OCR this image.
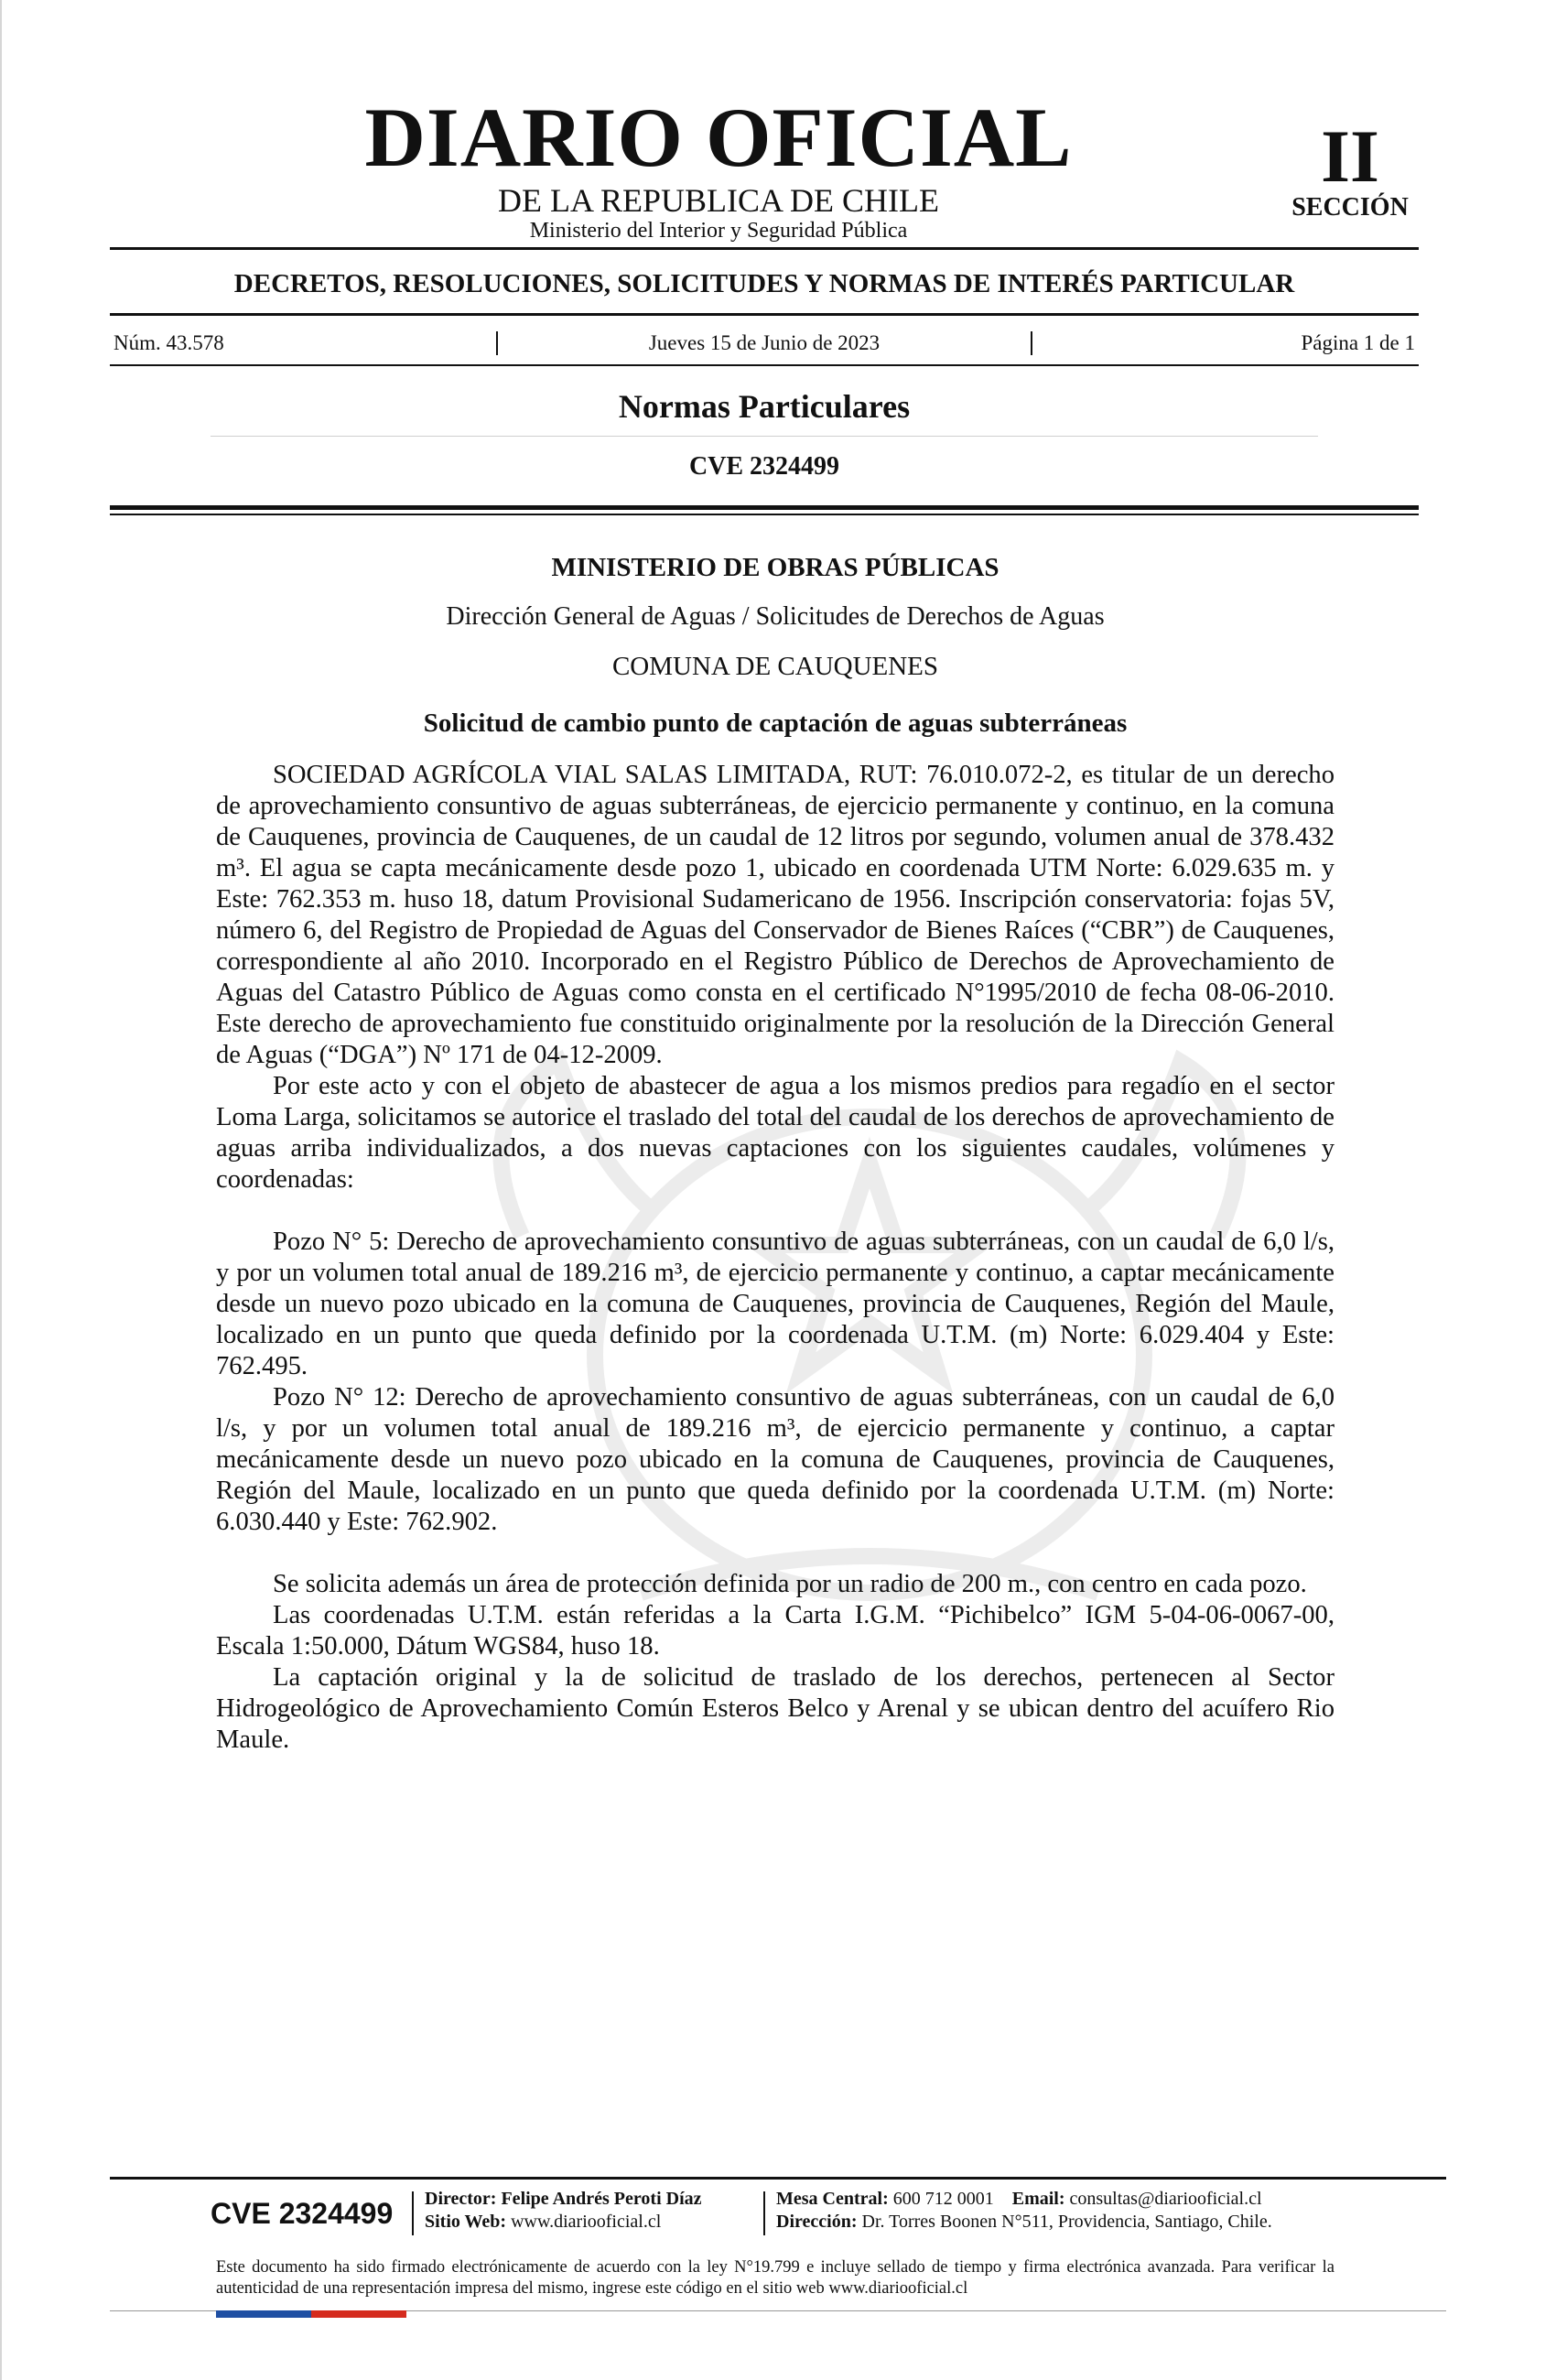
DIARIO OFICIAL
DE LA REPUBLICA DE CHILE
Ministerio del Interior y Seguridad Pública
II
SECCIÓN
DECRETOS, RESOLUCIONES, SOLICITUDES Y NORMAS DE INTERÉS PARTICULAR
Núm. 43.578	Jueves 15 de Junio de 2023	Página 1 de 1
Normas Particulares
CVE 2324499
MINISTERIO DE OBRAS PÚBLICAS
Dirección General de Aguas / Solicitudes de Derechos de Aguas
COMUNA DE CAUQUENES
Solicitud de cambio punto de captación de aguas subterráneas

SOCIEDAD AGRÍCOLA VIAL SALAS LIMITADA, RUT: 76.010.072-2, es titular de un derecho de aprovechamiento consuntivo de aguas subterráneas, de ejercicio permanente y continuo, en la comuna de Cauquenes, provincia de Cauquenes, de un caudal de 12 litros por segundo, volumen anual de 378.432 m³. El agua se capta mecánicamente desde pozo 1, ubicado en coordenada UTM Norte: 6.029.635 m. y Este: 762.353 m. huso 18, datum Provisional Sudamericano de 1956. Inscripción conservatoria: fojas 5V, número 6, del Registro de Propiedad de Aguas del Conservador de Bienes Raíces (“CBR”) de Cauquenes, correspondiente al año 2010. Incorporado en el Registro Público de Derechos de Aprovechamiento de Aguas del Catastro Público de Aguas como consta en el certificado N°1995/2010 de fecha 08-06-2010. Este derecho de aprovechamiento fue constituido originalmente por la resolución de la Dirección General de Aguas (“DGA”) Nº 171 de 04-12-2009.

Por este acto y con el objeto de abastecer de agua a los mismos predios para regadío en el sector Loma Larga, solicitamos se autorice el traslado del total del caudal de los derechos de aprovechamiento de aguas arriba individualizados, a dos nuevas captaciones con los siguientes caudales, volúmenes y coordenadas:

Pozo N° 5: Derecho de aprovechamiento consuntivo de aguas subterráneas, con un caudal de 6,0 l/s, y por un volumen total anual de 189.216 m³, de ejercicio permanente y continuo, a captar mecánicamente desde un nuevo pozo ubicado en la comuna de Cauquenes, provincia de Cauquenes, Región del Maule, localizado en un punto que queda definido por la coordenada U.T.M. (m) Norte: 6.029.404 y Este: 762.495.

Pozo N° 12: Derecho de aprovechamiento consuntivo de aguas subterráneas, con un caudal de 6,0 l/s, y por un volumen total anual de 189.216 m³, de ejercicio permanente y continuo, a captar mecánicamente desde un nuevo pozo ubicado en la comuna de Cauquenes, provincia de Cauquenes, Región del Maule, localizado en un punto que queda definido por la coordenada U.T.M. (m) Norte: 6.030.440 y Este: 762.902.

Se solicita además un área de protección definida por un radio de 200 m., con centro en cada pozo.

Las coordenadas U.T.M. están referidas a la Carta I.G.M. “Pichibelco” IGM 5-04-06-0067-00, Escala 1:50.000, Dátum WGS84, huso 18.

La captación original y la de solicitud de traslado de los derechos, pertenecen al Sector Hidrogeológico de Aprovechamiento Común Esteros Belco y Arenal y se ubican dentro del acuífero Rio Maule.

CVE 2324499 Director: Felipe Andrés Peroti Díaz
Sitio Web: www.diariooficial.cl
Mesa Central: 600 712 0001 Email: consultas@diariooficial.cl
Dirección: Dr. Torres Boonen N°511, Providencia, Santiago, Chile.
Este documento ha sido firmado electrónicamente de acuerdo con la ley N°19.799 e incluye sellado de tiempo y firma electrónica avanzada. Para verificar la autenticidad de una representación impresa del mismo, ingrese este código en el sitio web www.diariooficial.cl
